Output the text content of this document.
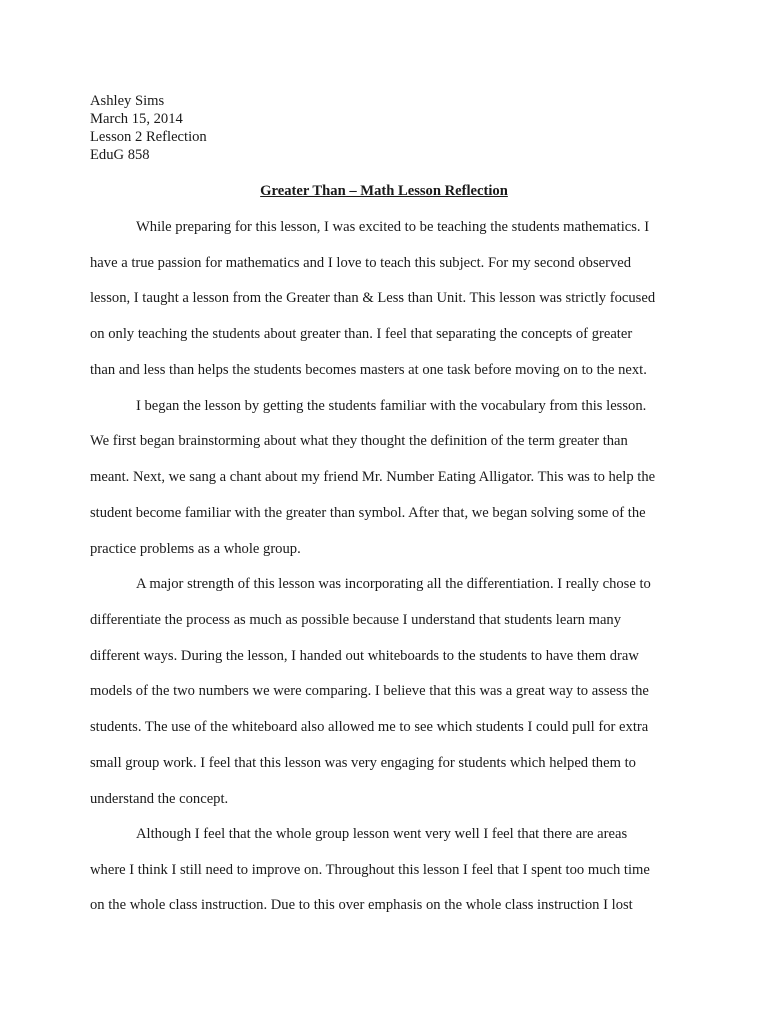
Ashley Sims
March 15, 2014
Lesson 2 Reflection
EduG 858
Greater Than – Math Lesson Reflection
While preparing for this lesson, I was excited to be teaching the students mathematics. I
have a true passion for mathematics and I love to teach this subject. For my second observed
lesson, I taught a lesson from the Greater than & Less than Unit. This lesson was strictly focused
on only teaching the students about greater than. I feel that separating the concepts of greater
than and less than helps the students becomes masters at one task before moving on to the next.
I began the lesson by getting the students familiar with the vocabulary from this lesson.
We first began brainstorming about what they thought the definition of the term greater than
meant. Next, we sang a chant about my friend Mr. Number Eating Alligator. This was to help the
student become familiar with the greater than symbol. After that, we began solving some of the
practice problems as a whole group.
A major strength of this lesson was incorporating all the differentiation. I really chose to
differentiate the process as much as possible because I understand that students learn many
different ways. During the lesson, I handed out whiteboards to the students to have them draw
models of the two numbers we were comparing. I believe that this was a great way to assess the
students. The use of the whiteboard also allowed me to see which students I could pull for extra
small group work. I feel that this lesson was very engaging for students which helped them to
understand the concept.
Although I feel that the whole group lesson went very well I feel that there are areas
where I think I still need to improve on. Throughout this lesson I feel that I spent too much time
on the whole class instruction. Due to this over emphasis on the whole class instruction I lost
